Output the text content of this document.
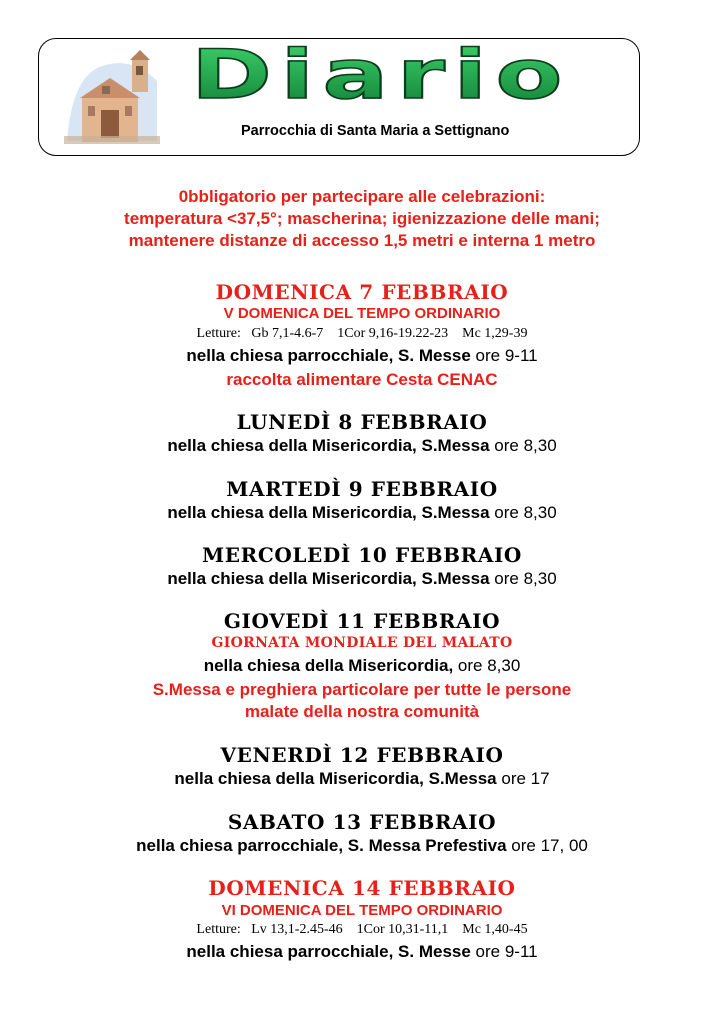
Diario
Parrocchia di Santa Maria a Settignano
0bbligatorio per partecipare alle celebrazioni:
temperatura <37,5°; mascherina; igienizzazione delle mani;
mantenere distanze di accesso 1,5 metri e interna 1 metro
DOMENICA 7 FEBBRAIO
V DOMENICA DEL TEMPO ORDINARIO
Letture:   Gb 7,1-4.6-7    1Cor 9,16-19.22-23    Mc 1,29-39
nella chiesa parrocchiale, S. Messe ore 9-11
raccolta alimentare Cesta CENAC
LUNEDÌ 8 FEBBRAIO
nella chiesa della Misericordia, S.Messa ore 8,30
MARTEDÌ 9 FEBBRAIO
nella chiesa della Misericordia, S.Messa ore 8,30
MERCOLEDÌ 10 FEBBRAIO
nella chiesa della Misericordia, S.Messa ore 8,30
GIOVEDÌ 11 FEBBRAIO
GIORNATA MONDIALE DEL MALATO
nella chiesa della Misericordia, ore 8,30
S.Messa e preghiera particolare per tutte le persone
malate della nostra comunità
VENERDÌ 12 FEBBRAIO
nella chiesa della Misericordia, S.Messa ore 17
SABATO 13 FEBBRAIO
nella chiesa parrocchiale, S. Messa Prefestiva ore 17, 00
DOMENICA 14 FEBBRAIO
VI DOMENICA DEL TEMPO ORDINARIO
Letture:   Lv 13,1-2.45-46    1Cor 10,31-11,1    Mc 1,40-45
nella chiesa parrocchiale, S. Messe ore 9-11
